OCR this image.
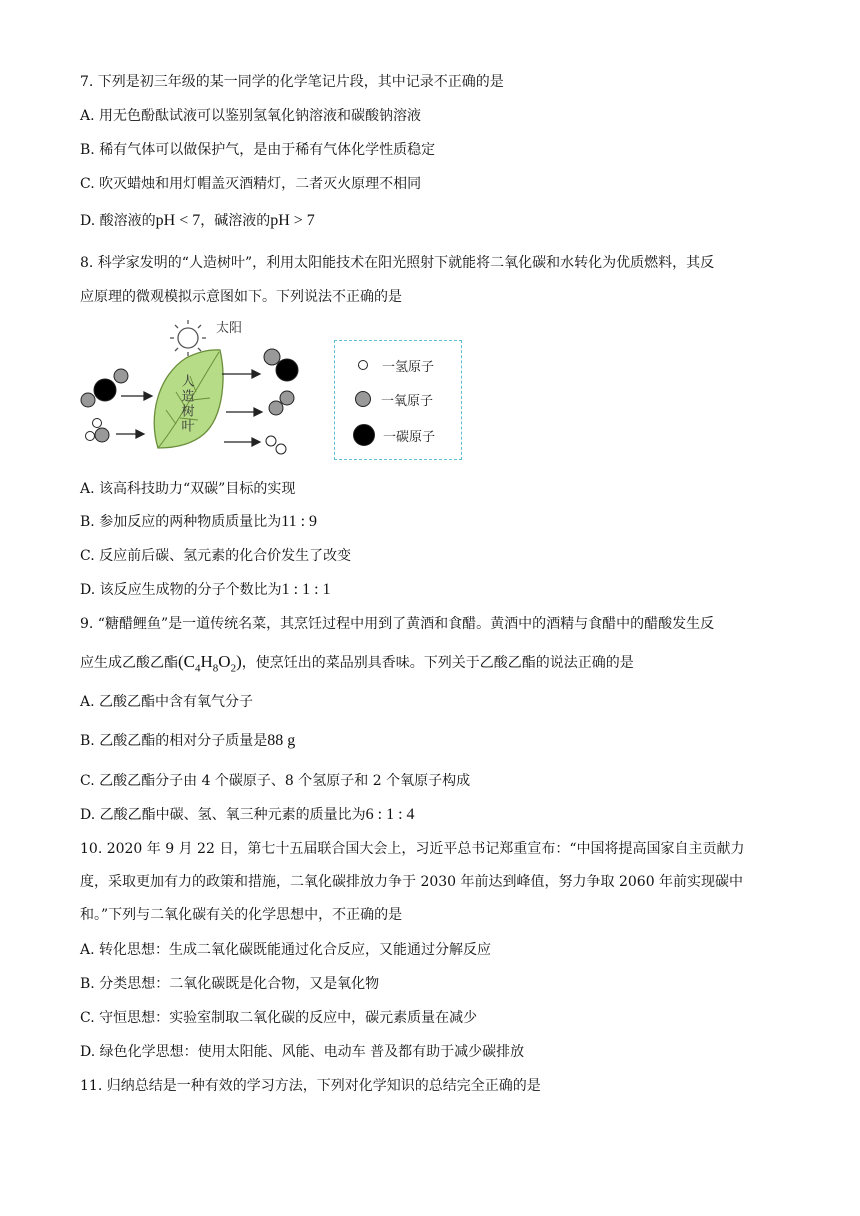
7. 下列是初三年级的某一同学的化学笔记片段，其中记录不正确的是
A. 用无色酚酞试液可以鉴别氢氧化钠溶液和碳酸钠溶液
B. 稀有气体可以做保护气，是由于稀有气体化学性质稳定
C. 吹灭蜡烛和用灯帽盖灭酒精灯，二者灭火原理不相同
D. 酸溶液的pH < 7，碱溶液的pH > 7
8. 科学家发明的“人造树叶”，利用太阳能技术在阳光照射下就能将二氧化碳和水转化为优质燃料，其反
应原理的微观模拟示意图如下。下列说法不正确的是
太阳
人造树叶
一氢原子
一氧原子
一碳原子
A. 该高科技助力“双碳”目标的实现
B. 参加反应的两种物质质量比为11 : 9
C. 反应前后碳、氢元素的化合价发生了改变
D. 该反应生成物的分子个数比为1 : 1 : 1
9. “糖醋鲤鱼”是一道传统名菜，其烹饪过程中用到了黄酒和食醋。黄酒中的酒精与食醋中的醋酸发生反
应生成乙酸乙酯$(C_4H_8O_2)$，使烹饪出的菜品别具香味。下列关于乙酸乙酯的说法正确的是
A. 乙酸乙酯中含有氧气分子
B. 乙酸乙酯的相对分子质量是88 g
C. 乙酸乙酯分子由 4 个碳原子、8 个氢原子和 2 个氧原子构成
D. 乙酸乙酯中碳、氢、氧三种元素的质量比为6 : 1 : 4
10. 2020 年 9 月 22 日，第七十五届联合国大会上，习近平总书记郑重宣布：“中国将提高国家自主贡献力
度，采取更加有力的政策和措施，二氧化碳排放力争于 2030 年前达到峰值，努力争取 2060 年前实现碳中
和。”下列与二氧化碳有关的化学思想中，不正确的是
A. 转化思想：生成二氧化碳既能通过化合反应，又能通过分解反应
B. 分类思想：二氧化碳既是化合物，又是氧化物
C. 守恒思想：实验室制取二氧化碳的反应中，碳元素质量在减少
D. 绿色化学思想：使用太阳能、风能、电动车 普及都有助于减少碳排放
11. 归纳总结是一种有效的学习方法，下列对化学知识的总结完全正确的是
